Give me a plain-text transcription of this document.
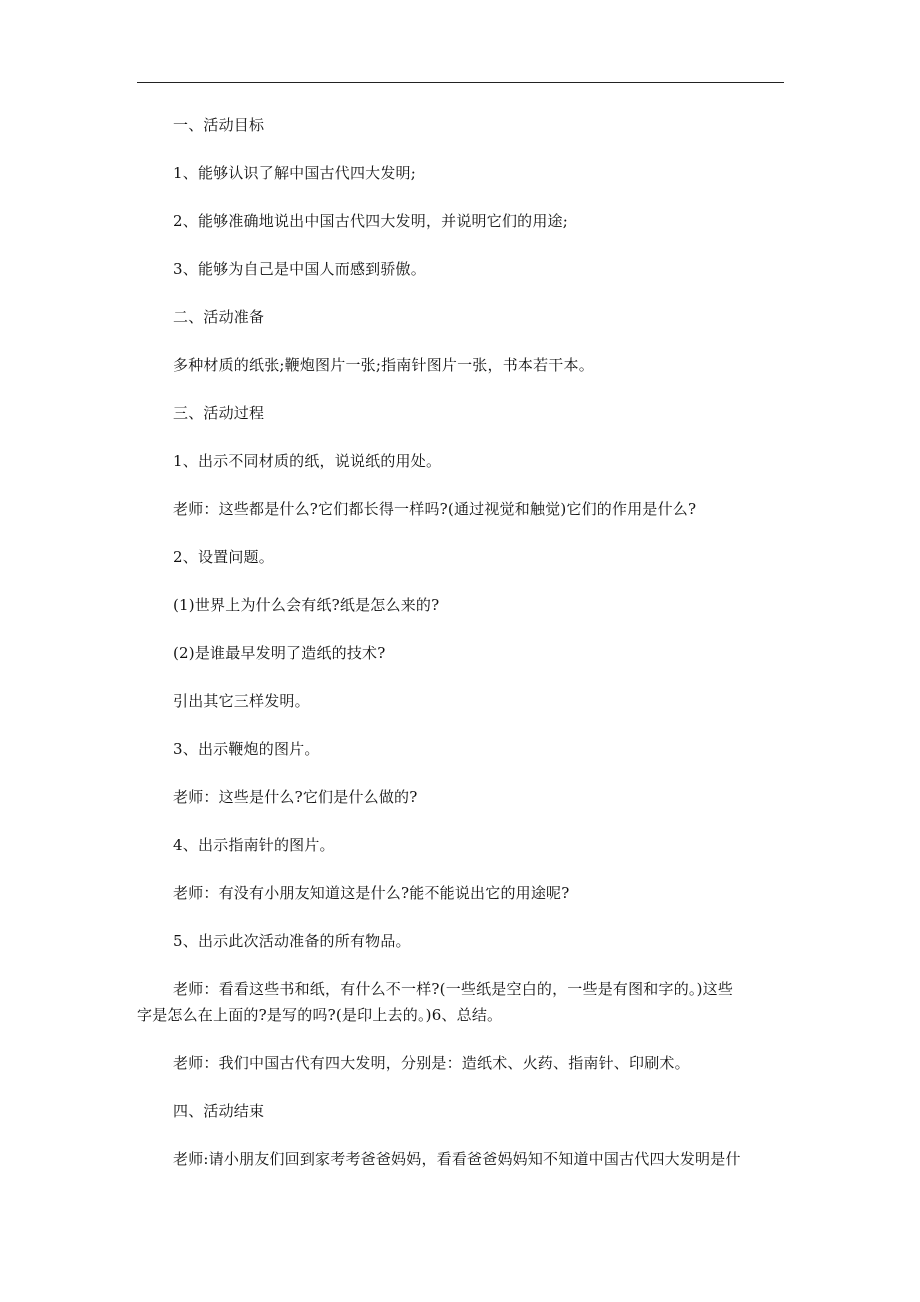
一、活动目标

1、能够认识了解中国古代四大发明;

2、能够准确地说出中国古代四大发明，并说明它们的用途;

3、能够为自己是中国人而感到骄傲。

二、活动准备

多种材质的纸张;鞭炮图片一张;指南针图片一张，书本若干本。

三、活动过程

1、出示不同材质的纸，说说纸的用处。

老师：这些都是什么?它们都长得一样吗?(通过视觉和触觉)它们的作用是什么?

2、设置问题。

(1)世界上为什么会有纸?纸是怎么来的?

(2)是谁最早发明了造纸的技术?

引出其它三样发明。

3、出示鞭炮的图片。

老师：这些是什么?它们是什么做的?

4、出示指南针的图片。

老师：有没有小朋友知道这是什么?能不能说出它的用途呢?

5、出示此次活动准备的所有物品。

老师：看看这些书和纸，有什么不一样?(一些纸是空白的，一些是有图和字的。)这些

字是怎么在上面的?是写的吗?(是印上去的。)6、总结。

老师：我们中国古代有四大发明，分别是：造纸术、火药、指南针、印刷术。

四、活动结束

老师:请小朋友们回到家考考爸爸妈妈，看看爸爸妈妈知不知道中国古代四大发明是什
